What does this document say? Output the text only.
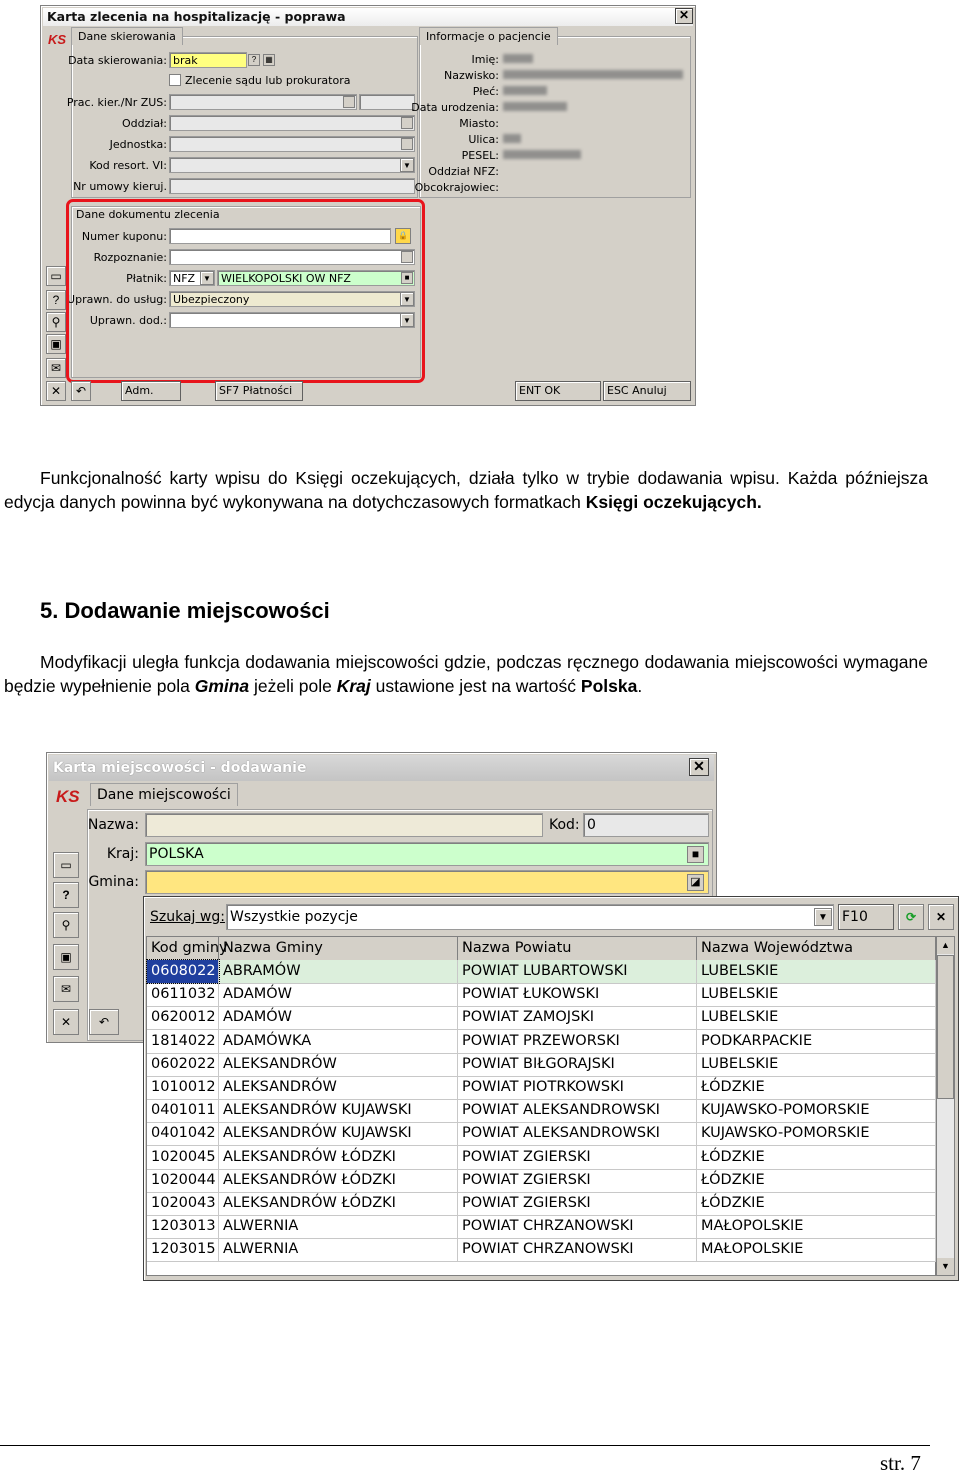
Karta zlecenia na hospitalizację - poprawa	✕
KS
▭
?
⚲
▣
✉
Dane skierowania
Data skierowania: brak	?	▦
Zlecenie sądu lub prokuratora
Prac. kier./Nr ZUS:
Oddział:
Jednostka:
Kod resort. VI:	▼
Nr umowy kieruj.
Informacje o pacjencie
Imię:
Nazwisko:
Płeć:
Data urodzenia:
Miasto:
Ulica:
PESEL:
Oddział NFZ:
Obcokrajowiec:
Dane dokumentu zlecenia
Numer kuponu:	🔒
Rozpoznanie:
Płatnik: NFZ ▼ WIELKOPOLSKI OW NFZ	■
Uprawn. do usług: Ubezpieczony	▼
Uprawn. dod.:	▼
✕	↶	Adm.	SF7 Płatności	ENT OK	ESC Anuluj
Funkcjonalność karty wpisu do Księgi oczekujących, działa tylko w trybie dodawania wpisu. Każda późniejsza edycja danych powinna być wykonywana na dotychczasowych formatkach Księgi oczekujących.
5. Dodawanie miejscowości
Modyfikacji uległa funkcja dodawania miejscowości gdzie, podczas ręcznego dodawania miejscowości wymagane będzie wypełnienie pola Gmina jeżeli pole Kraj ustawione jest na wartość Polska.
Karta miejscowości - dodawanie	✕
KS	Dane miejscowości
▭
?
⚲
▣
✉
✕	↶
Nazwa:	Kod: 0
Kraj: POLSKA	■
Gmina:	◪
Szukaj wg: Wszystkie pozycje	▼ F10	⟳	✕
Kod gminy
Nazwa Gminy	Nazwa Powiatu	Nazwa Województwa
0608022 ABRAMÓW	POWIAT LUBARTOWSKI	LUBELSKIE
0611032 ADAMÓW	POWIAT ŁUKOWSKI	LUBELSKIE
0620012 ADAMÓW	POWIAT ZAMOJSKI	LUBELSKIE
1814022 ADAMÓWKA	POWIAT PRZEWORSKI	PODKARPACKIE
0602022 ALEKSANDRÓW	POWIAT BIŁGORAJSKI	LUBELSKIE
1010012 ALEKSANDRÓW	POWIAT PIOTRKOWSKI	ŁÓDZKIE
0401011 ALEKSANDRÓW KUJAWSKI	POWIAT ALEKSANDROWSKI	KUJAWSKO-POMORSKIE
0401042 ALEKSANDRÓW KUJAWSKI	POWIAT ALEKSANDROWSKI	KUJAWSKO-POMORSKIE
1020045 ALEKSANDRÓW ŁÓDZKI	POWIAT ZGIERSKI	ŁÓDZKIE
1020044 ALEKSANDRÓW ŁÓDZKI	POWIAT ZGIERSKI	ŁÓDZKIE
1020043 ALEKSANDRÓW ŁÓDZKI	POWIAT ZGIERSKI	ŁÓDZKIE
1203013 ALWERNIA	POWIAT CHRZANOWSKI	MAŁOPOLSKIE
1203015 ALWERNIA	POWIAT CHRZANOWSKI	MAŁOPOLSKIE
▲
▼
str. 7
